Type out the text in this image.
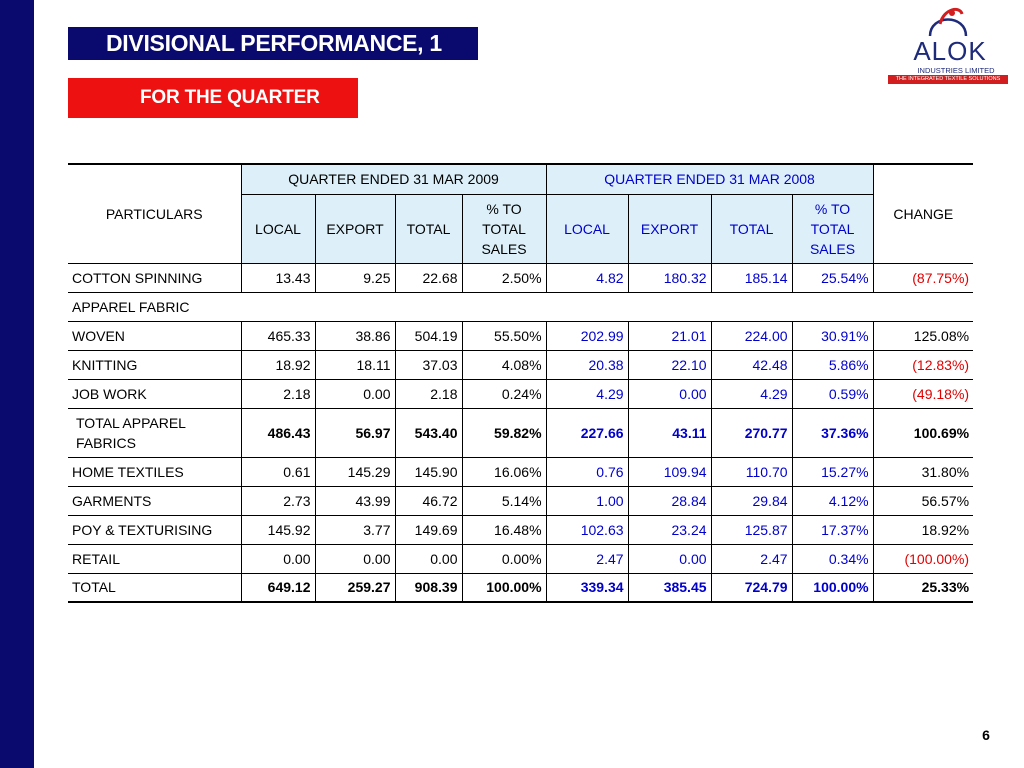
DIVISIONAL PERFORMANCE, 1
FOR THE QUARTER
ALOK
INDUSTRIES LIMITED
THE INTEGRATED TEXTILE SOLUTIONS
PARTICULARS	QUARTER ENDED 31 MAR 2009				QUARTER ENDED 31 MAR 2008				CHANGE
	LOCAL	EXPORT	TOTAL	% TO TOTAL SALES	LOCAL	EXPORT	TOTAL	% TO TOTAL SALES	
COTTON SPINNING	13.43	9.25	22.68	2.50%	4.82	180.32	185.14	25.54%	(87.75%)
APPAREL FABRIC									
WOVEN	465.33	38.86	504.19	55.50%	202.99	21.01	224.00	30.91%	125.08%
KNITTING	18.92	18.11	37.03	4.08%	20.38	22.10	42.48	5.86%	(12.83%)
JOB WORK	2.18	0.00	2.18	0.24%	4.29	0.00	4.29	0.59%	(49.18%)
TOTAL APPAREL FABRICS	486.43	56.97	543.40	59.82%	227.66	43.11	270.77	37.36%	100.69%
HOME TEXTILES	0.61	145.29	145.90	16.06%	0.76	109.94	110.70	15.27%	31.80%
GARMENTS	2.73	43.99	46.72	5.14%	1.00	28.84	29.84	4.12%	56.57%
POY & TEXTURISING	145.92	3.77	149.69	16.48%	102.63	23.24	125.87	17.37%	18.92%
RETAIL	0.00	0.00	0.00	0.00%	2.47	0.00	2.47	0.34%	(100.00%)
TOTAL	649.12	259.27	908.39	100.00%	339.34	385.45	724.79	100.00%	25.33%
6
